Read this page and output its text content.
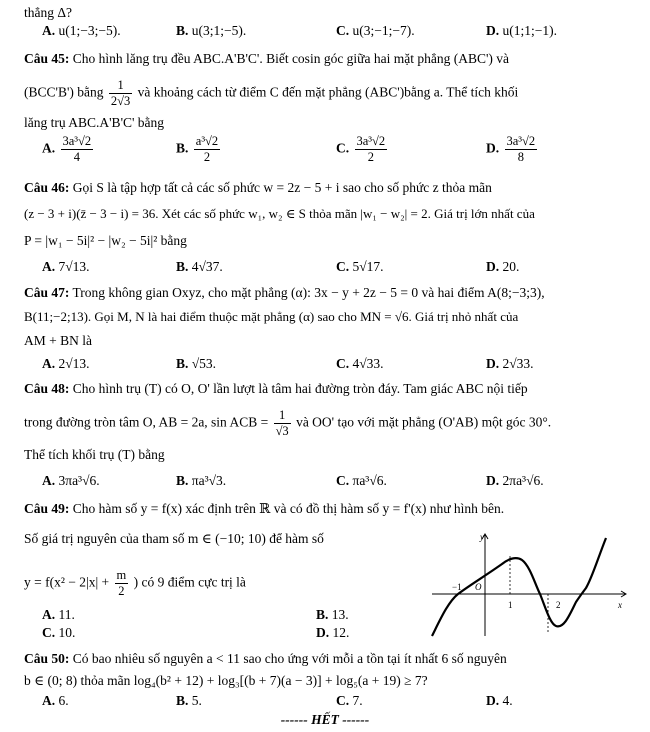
thẳng Δ?
A. u(1;−3;−5).	B. u(3;1;−5).	C. u(3;−1;−7).	D. u(1;1;−1).
Câu 45: Cho hình lăng trụ đều ABC.A'B'C'. Biết cosin góc giữa hai mặt phẳng (ABC') và
(BCC'B') bằng $\frac{1}{2√3}$ và khoảng cách từ điểm C đến mặt phẳng (ABC')bằng a. Thể tích khối
lăng trụ ABC.A'B'C' bằng
A. $\frac{\text{3a³√2}}{4}$	B. $\frac{\text{a³√2}}{2}$	C. $\frac{\text{3a³√2}}{2}$	D. $\frac{\text{3a³√2}}{8}$
Câu 46: Gọi S là tập hợp tất cả các số phức w = 2z − 5 + i sao cho số phức z thỏa mãn
(z − 3 + i)(z̄ − 3 − i) = 36. Xét các số phức w₁, w₂ ∈ S thỏa mãn |w₁ − w₂| = 2. Giá trị lớn nhất của
P = |w₁ − 5i|² − |w₂ − 5i|² bằng
A. 7√13.	B. 4√37.	C. 5√17.	D. 20.
Câu 47: Trong không gian Oxyz, cho mặt phẳng (α): 3x − y + 2z − 5 = 0 và hai điểm A(8;−3;3),
B(11;−2;13). Gọi M, N là hai điểm thuộc mặt phẳng (α) sao cho MN = √6. Giá trị nhỏ nhất của
AM + BN là
A. 2√13.	B. √53.	C. 4√33.	D. 2√33.
Câu 48: Cho hình trụ (T) có O, O' lần lượt là tâm hai đường tròn đáy. Tam giác ABC nội tiếp
trong đường tròn tâm O, AB = 2a, sin ACB = $\frac{1}{√3}$ và OO' tạo với mặt phẳng (O'AB) một góc 30°.
Thể tích khối trụ (T) bằng
A. 3πa³√6.	B. πa³√3.	C. πa³√6.	D. 2πa³√6.
Câu 49: Cho hàm số y = f(x) xác định trên ℝ và có đồ thị hàm số y = f'(x) như hình bên.
Số giá trị nguyên của tham số m ∈ (−10; 10) để hàm số
$y = f(x^2 - 2|x| + \frac{m}{2}$ ) có 9 điểm cực trị là
A. 11.	B. 13.
C. 10.	D. 12.
y
x
O
−1
1	2
Câu 50: Có bao nhiêu số nguyên a < 11 sao cho ứng với mỗi a tồn tại ít nhất 6 số nguyên
b ∈ (0; 8) thỏa mãn log₄(b² + 12) + log₃[(b + 7)(a − 3)] + log₅(a + 19) ≥ 7?
A. 6.	B. 5.	C. 7.	D. 4.
------ HẾT ------
